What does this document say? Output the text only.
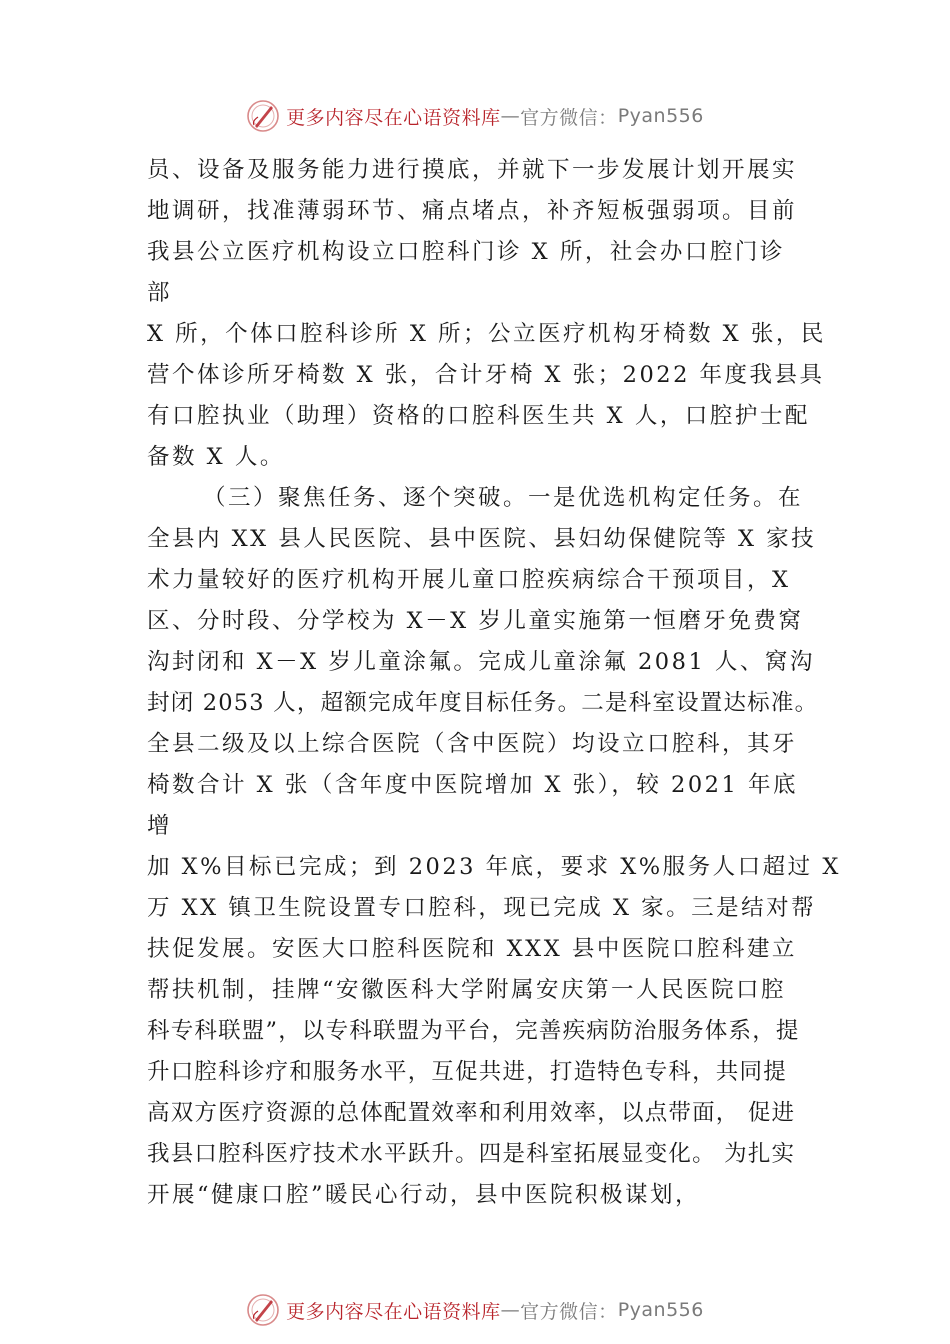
更多内容尽在心语资料库 — 官方微信： Pyan556
员、设备及服务能力进行摸底，并就下一步发展计划开展实
地调研，找准薄弱环节、痛点堵点，补齐短板强弱项。目前
我县公立医疗机构设立口腔科门诊 X 所，社会办口腔门诊
部
X 所，个体口腔科诊所 X 所；公立医疗机构牙椅数 X 张，民
营个体诊所牙椅数 X 张，合计牙椅 X 张；2022 年度我县具
有口腔执业（助理）资格的口腔科医生共 X 人，口腔护士配
备数 X 人。
（三）聚焦任务、逐个突破。一是优选机构定任务。在
全县内 XX 县人民医院、县中医院、县妇幼保健院等 X 家技
术力量较好的医疗机构开展儿童口腔疾病综合干预项目，X
区、分时段、分学校为 X－X 岁儿童实施第一恒磨牙免费窝
沟封闭和 X－X 岁儿童涂氟。完成儿童涂氟 2081 人、窝沟
封闭 2053 人，超额完成年度目标任务。二是科室设置达标准。
全县二级及以上综合医院（含中医院）均设立口腔科，其牙
椅数合计 X 张（含年度中医院增加 X 张），较 2021 年底
增
加 X%目标已完成；到 2023 年底，要求 X%服务人口超过 X
万 XX 镇卫生院设置专口腔科，现已完成 X 家。三是结对帮
扶促发展。安医大口腔科医院和 XXX 县中医院口腔科建立
帮扶机制，挂牌“安徽医科大学附属安庆第一人民医院口腔
科专科联盟”，以专科联盟为平台，完善疾病防治服务体系，提
升口腔科诊疗和服务水平，互促共进，打造特色专科，共同提
高双方医疗资源的总体配置效率和利用效率，以点带面， 促进
我县口腔科医疗技术水平跃升。四是科室拓展显变化。 为扎实
开展“健康口腔”暖民心行动，县中医院积极谋划，
更多内容尽在心语资料库 — 官方微信： Pyan556
